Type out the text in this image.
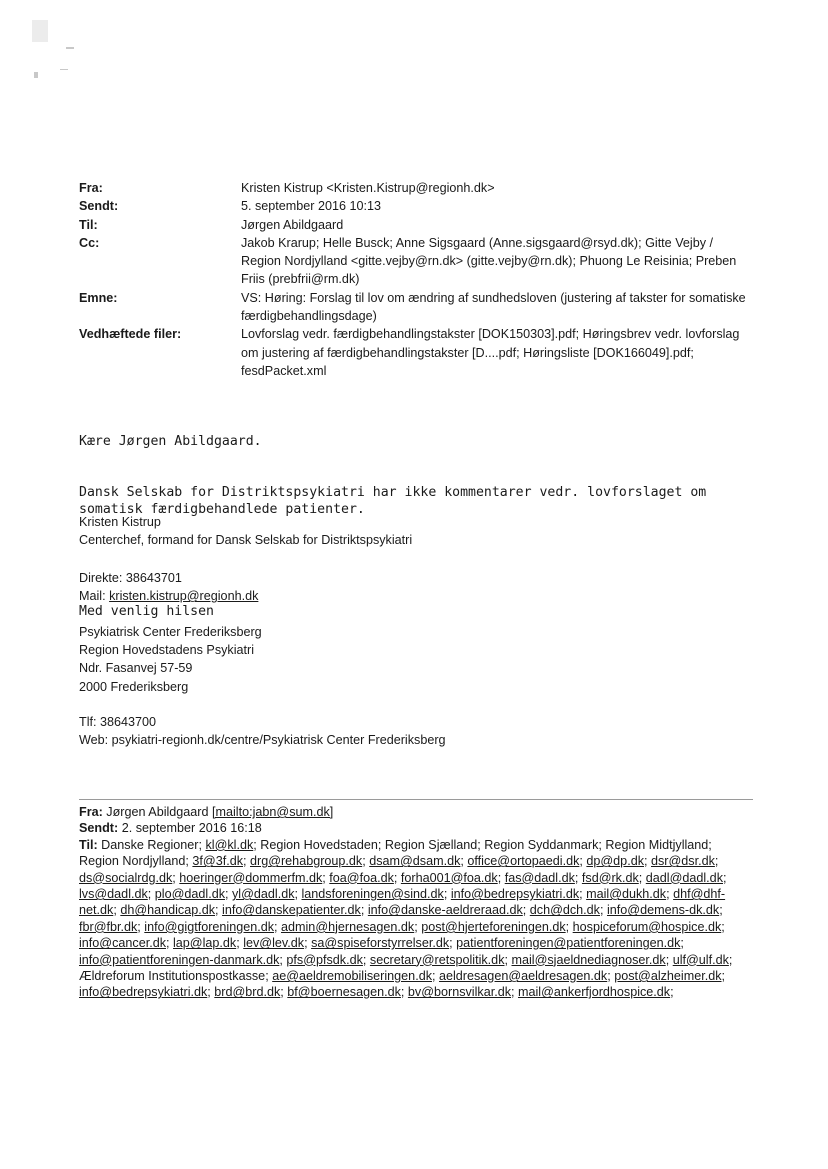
Fra:	Kristen Kistrup <Kristen.Kistrup@regionh.dk>
Sendt:	5. september 2016 10:13
Til:	Jørgen Abildgaard
Cc:	Jakob Krarup; Helle Busck; Anne Sigsgaard (Anne.sigsgaard@rsyd.dk); Gitte Vejby / Region Nordjylland <gitte.vejby@rn.dk> (gitte.vejby@rn.dk); Phuong Le Reisinia; Preben Friis (prebfrii@rm.dk)
Emne:	VS: Høring: Forslag til lov om ændring af sundhedsloven (justering af takster for somatiske færdigbehandlingsdage)
Vedhæftede filer:	Lovforslag vedr. færdigbehandlingstakster [DOK150303].pdf; Høringsbrev vedr. lovforslag om justering af færdigbehandlingstakster [D....pdf; Høringsliste [DOK166049].pdf; fesdPacket.xml

Kære Jørgen Abildgaard.

Dansk Selskab for Distriktspsykiatri har ikke kommentarer vedr. lovforslaget om somatisk færdigbehandlede patienter.

Med venlig hilsen

Kristen Kistrup
Centerchef, formand for Dansk Selskab for Distriktspsykiatri
Direkte: 38643701
Mail: kristen.kistrup@regionh.dk
Psykiatrisk Center Frederiksberg
Region Hovedstadens Psykiatri
Ndr. Fasanvej 57-59
2000 Frederiksberg
Tlf: 38643700
Web: psykiatri-regionh.dk/centre/Psykiatrisk Center Frederiksberg
Fra: Jørgen Abildgaard [mailto:jabn@sum.dk]
Sendt: 2. september 2016 16:18
Til: Danske Regioner; kl@kl.dk; Region Hovedstaden; Region Sjælland; Region Syddanmark; Region Midtjylland; Region Nordjylland; 3f@3f.dk; drg@rehabgroup.dk; dsam@dsam.dk; office@ortopaedi.dk; dp@dp.dk; dsr@dsr.dk; ds@socialrdg.dk; hoeringer@dommerfm.dk; foa@foa.dk; forha001@foa.dk; fas@dadl.dk; fsd@rk.dk; dadl@dadl.dk; lvs@dadl.dk; plo@dadl.dk; yl@dadl.dk; landsforeningen@sind.dk; info@bedrepsykiatri.dk; mail@dukh.dk; dhf@dhf-net.dk; dh@handicap.dk; info@danskepatienter.dk; info@danske-aeldreraad.dk; dch@dch.dk; info@demens-dk.dk; fbr@fbr.dk; info@gigtforeningen.dk; admin@hjernesagen.dk; post@hjerteforeningen.dk; hospiceforum@hospice.dk; info@cancer.dk; lap@lap.dk; lev@lev.dk; sa@spiseforstyrrelser.dk; patientforeningen@patientforeningen.dk; info@patientforeningen-danmark.dk; pfs@pfsdk.dk; secretary@retspolitik.dk; mail@sjaeldnediagnoser.dk; ulf@ulf.dk; Ældreforum Institutionspostkasse; ae@aeldremobiliseringen.dk; aeldresagen@aeldresagen.dk; post@alzheimer.dk; info@bedrepsykiatri.dk; brd@brd.dk; bf@boernesagen.dk; bv@bornsvilkar.dk; mail@ankerfjordhospice.dk;
